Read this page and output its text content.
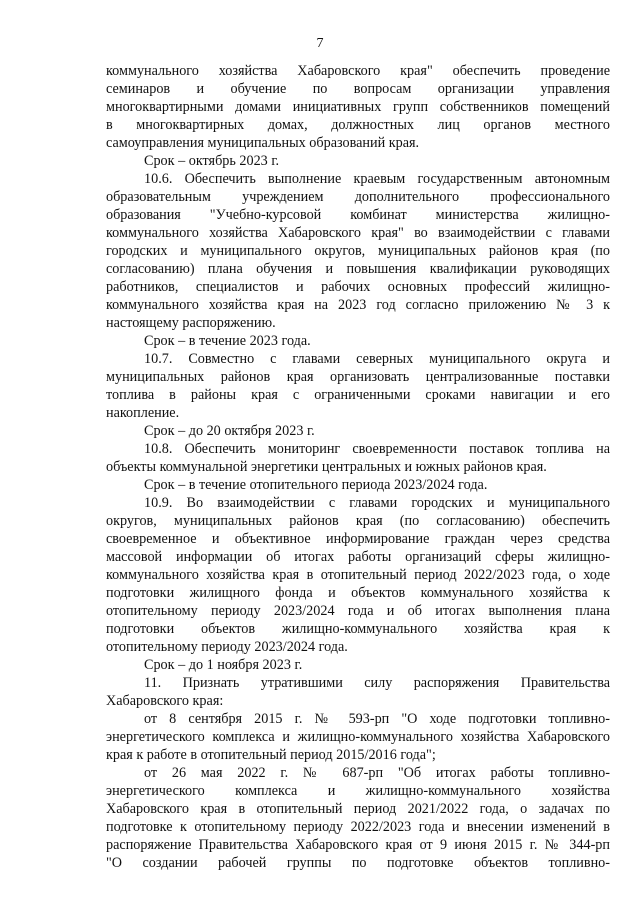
7
коммунального хозяйства Хабаровского края" обеспечить проведение
семинаров и обучение по вопросам организации управления
многоквартирными домами инициативных групп собственников помещений
в многоквартирных домах, должностных лиц органов местного
самоуправления муниципальных образований края.
Срок – октябрь 2023 г.
10.6. Обеспечить выполнение краевым государственным автономным
образовательным учреждением дополнительного профессионального
образования "Учебно-курсовой комбинат министерства жилищно-
коммунального хозяйства Хабаровского края" во взаимодействии с главами
городских и муниципального округов, муниципальных районов края (по
согласованию) плана обучения и повышения квалификации руководящих
работников, специалистов и рабочих основных профессий жилищно-
коммунального хозяйства края на 2023 год согласно приложению № 3 к
настоящему распоряжению.
Срок – в течение 2023 года.
10.7. Совместно с главами северных муниципального округа и
муниципальных районов края организовать централизованные поставки
топлива в районы края с ограниченными сроками навигации и его
накопление.
Срок – до 20 октября 2023 г.
10.8. Обеспечить мониторинг своевременности поставок топлива на
объекты коммунальной энергетики центральных и южных районов края.
Срок – в течение отопительного периода 2023/2024 года.
10.9. Во взаимодействии с главами городских и муниципального
округов, муниципальных районов края (по согласованию) обеспечить
своевременное и объективное информирование граждан через средства
массовой информации об итогах работы организаций сферы жилищно-
коммунального хозяйства края в отопительный период 2022/2023 года, о ходе
подготовки жилищного фонда и объектов коммунального хозяйства к
отопительному периоду 2023/2024 года и об итогах выполнения плана
подготовки объектов жилищно-коммунального хозяйства края к
отопительному периоду 2023/2024 года.
Срок – до 1 ноября 2023 г.
11. Признать утратившими силу распоряжения Правительства
Хабаровского края:
от 8 сентября 2015 г. № 593-рп "О ходе подготовки топливно-
энергетического комплекса и жилищно-коммунального хозяйства Хабаровского
края к работе в отопительный период 2015/2016 года";
от 26 мая 2022 г. № 687-рп "Об итогах работы топливно-
энергетического комплекса и жилищно-коммунального хозяйства
Хабаровского края в отопительный период 2021/2022 года, о задачах по
подготовке к отопительному периоду 2022/2023 года и внесении изменений в
распоряжение Правительства Хабаровского края от 9 июня 2015 г. № 344-рп
"О создании рабочей группы по подготовке объектов топливно-
